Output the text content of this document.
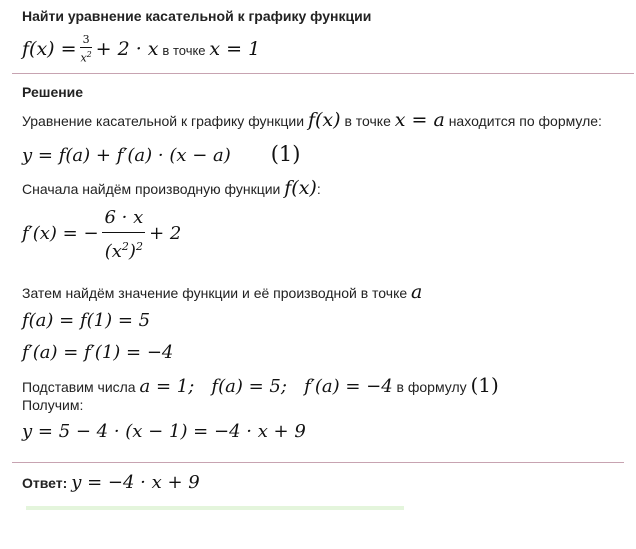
Найти уравнение касательной к графику функции
$f(x) = \frac{3}{x^2} + 2 \cdot x$ в точке x = 1
Решение
Уравнение касательной к графику функции f(x) в точке x = a находится по формуле:
y = f(a) + f′(a) · (x − a) (1)
Сначала найдём производную функции f(x):
f′(x) = − $\frac{6 \cdot x}{(x^2)^2} + 2$
Затем найдём значение функции и её производной в точке a
f(a) = f(1) = 5
f′(a) = f′(1) = −4
Подставим числа a = 1;   f(a) = 5;   f′(a) = −4 в формулу (1)
Получим:
y = 5 − 4 · (x − 1) = −4 · x + 9
Ответ: y = −4 · x + 9
